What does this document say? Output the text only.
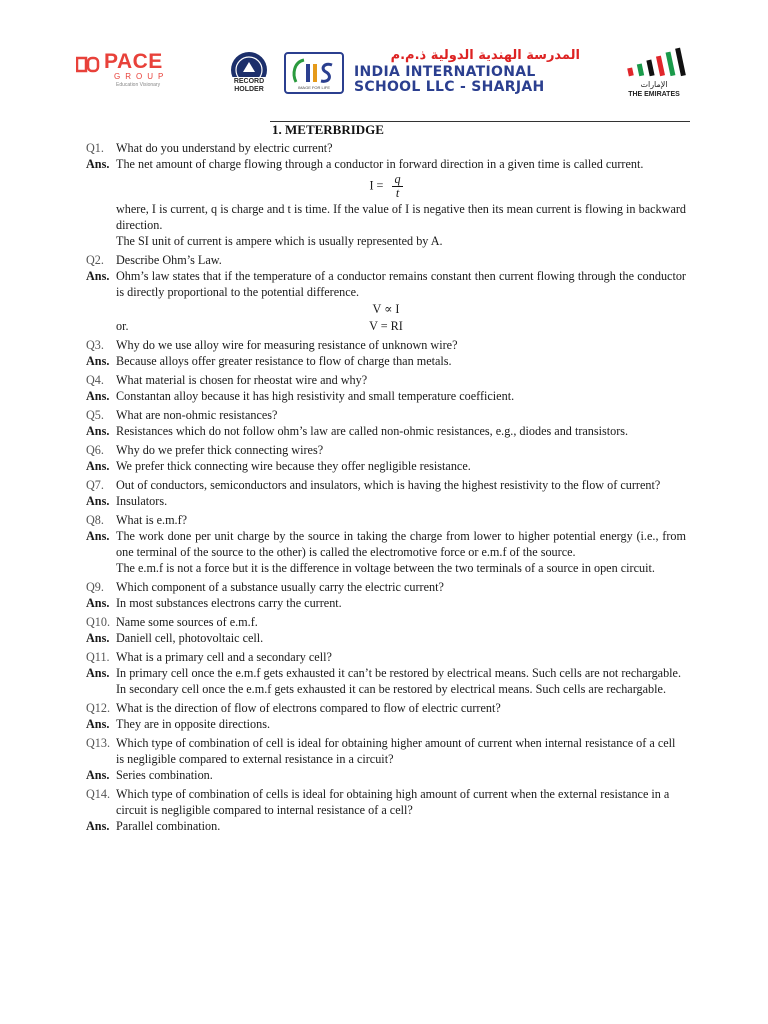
PACE
GROUP
Education Visionary	RECORD HOLDER	IMAGE FOR LIFE
المدرسة الهندية الدولية ذ.م.م
INDIA INTERNATIONAL
SCHOOL LLC - SHARJAH	الإمارات
THE EMIRATES
1. METERBRIDGE
Q1. What do you understand by electric current?
Ans. The net amount of charge flowing through a conductor in forward direction in a given time is called current.
$I = \frac{q}{t}$
where, I is current, q is charge and t is time. If the value of I is negative then its mean current is flowing in backward direction.
The SI unit of current is ampere which is usually represented by A.
Q2. Describe Ohm’s Law.
Ans. Ohm’s law states that if the temperature of a conductor remains constant then current flowing through the conductor is directly proportional to the potential difference.
V ∝ I
V = RI
or.
Q3. Why do we use alloy wire for measuring resistance of unknown wire?
Ans. Because alloys offer greater resistance to flow of charge than metals.
Q4. What material is chosen for rheostat wire and why?
Ans. Constantan alloy because it has high resistivity and small temperature coefficient.
Q5. What are non-ohmic resistances?
Ans. Resistances which do not follow ohm’s law are called non-ohmic resistances, e.g., diodes and transistors.
Q6. Why do we prefer thick connecting wires?
Ans. We prefer thick connecting wire because they offer negligible resistance.
Q7. Out of conductors, semiconductors and insulators, which is having the highest resistivity to the flow of current?
Ans. Insulators.
Q8. What is e.m.f?
Ans. The work done per unit charge by the source in taking the charge from lower to higher potential energy (i.e., from one terminal of the source to the other) is called the electromotive force or e.m.f of the source.
The e.m.f is not a force but it is the difference in voltage between the two terminals of a source in open circuit.
Q9. Which component of a substance usually carry the electric current?
Ans. In most substances electrons carry the current.
Q10. Name some sources of e.m.f.
Ans. Daniell cell, photovoltaic cell.
Q11. What is a primary cell and a secondary cell?
Ans. In primary cell once the e.m.f gets exhausted it can’t be restored by electrical means. Such cells are not rechargable.
In secondary cell once the e.m.f gets exhausted it can be restored by electrical means. Such cells are rechargable.
Q12. What is the direction of flow of electrons compared to flow of electric current?
Ans. They are in opposite directions.
Q13. Which type of combination of cell is ideal for obtaining higher amount of current when internal resistance of a cell is negligible compared to external resistance in a circuit?
Ans. Series combination.
Q14. Which type of combination of cells is ideal for obtaining high amount of current when the external resistance in a circuit is negligible compared to internal resistance of a cell?
Ans. Parallel combination.
